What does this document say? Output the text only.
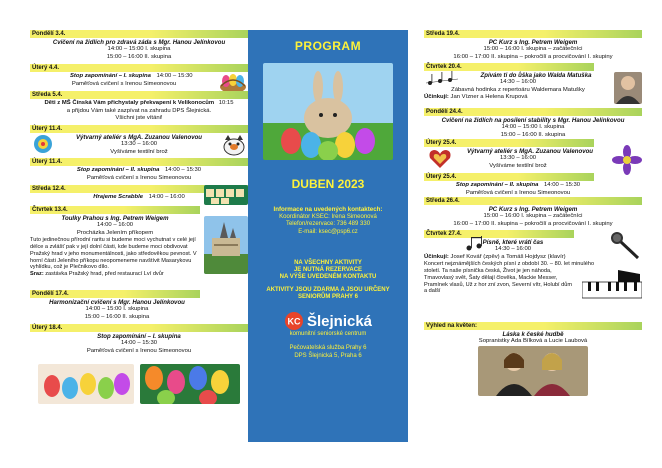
Pondělí 3.4.
Cvičení na židlích pro zdravá záda s Mgr. Hanou Jelínkovou
14:00 – 15:00 I. skupina
15:00 – 16:00 II. skupina
Úterý 4.4.
Stop zapomínání – I. skupina 14:00 – 15:30
Paměťová cvičení s Irenou Simeonovou
Středa 5.4.
Děti z MŠ Čínská Vám přichystaly překvapení k Velikonocům 10:15
a přijdou Vám také zazpívat na zahradu DPS Šlejnická.
Všichni jste vítáni!
Úterý 11.4.
Výtvarný ateliér s MgA. Zuzanou Valenovou
13:30 – 16:00
Vyšíváme textilní brož
Úterý 11.4.
Stop zapomínání – II. skupina 14:00 – 15:30
Paměťová cvičení s Irenou Simeonovou
Středa 12.4.
Hrajeme Scrabble 14:00 – 16:00
Čtvrtek 13.4.
Toulky Prahou s Ing. Petrem Weigem
14:00 – 16:00
Procházka Jelením příkopem
Tuto jedinečnou přírodní raritu si budeme moci vychutnat v celé její délce a zvlášť pak v její dolní části, kde budeme moci obdivovat Pražský hrad v jeho monumentálnosti, jako středověkou pevnost. V horní části Jeleního příkopu neopomeneme navštívit Masarykovu vyhlídku, což je Plečnikovo dílo.
Sraz: zastávka Pražský hrad, před restaurací Lví dvůr
Pondělí 17.4.
Harmonizační cvičení s Mgr. Hanou Jelínkovou
14:00 – 15:00 I. skupina
15:00 – 16:00 II. skupina
Úterý 18.4.
Stop zapomínání – I. skupina
14:00 – 15:30
Paměťová cvičení s Irenou Simeonovou
PROGRAM
DUBEN 2023
Informace na uvedených kontaktech:
Koordinátor KSEC: Irena Simeonová
Telefon/rezervace: 736 489 330
E-mail: ksec@psp6.cz
NA VŠECHNY AKTIVITY
JE NUTNÁ REZERVACE
NA VÝŠE UVEDENÉM KONTAKTU
AKTIVITY JSOU ZDARMA A JSOU URČENY
SENIORŮM PRAHY 6
KC Šlejnická
komunitní seniorské centrum
Pečovatelská služba Prahy 6
DPS Šlejnická 5, Praha 6
Středa 19.4.
PC Kurz s Ing. Petrem Weigem
15:00 – 16:00 I. skupina – začátečníci
16:00 – 17:00 II. skupina – pokročilí a procvičování I. skupiny
Čtvrtek 20.4.
Zpívám ti do ůška jako Walda Matuška
14:30 – 16:00
Zábavná hodinka z repertoáru Waldemara Matušky
Účinkují: Jan Vízner a Helena Krupová
Pondělí 24.4.
Cvičení na židlích na posílení stability s Mgr. Hanou Jelínkovou
14:00 – 15:00 I. skupina
15:00 – 16:00 II. skupina
Úterý 25.4.
Výtvarný ateliér s MgA. Zuzanou Valenovou
13:30 – 16:00
Vyšíváme textilní brož
Úterý 25.4.
Stop zapomínání – II. skupina 14:00 – 15:30
Paměťová cvičení s Irenou Simeonovou
Středa 26.4.
PC Kurz s Ing. Petrem Weigem
15:00 – 16:00 I. skupina – začátečníci
16:00 – 17:00 II. skupina – pokročilí a procvičování I. skupiny
Čtvrtek 27.4.
Písně, které vrátí čas
14:30 – 16:00
Účinkují: Josef Kovář (zpěv) a Tomáš Hojdysz (klavír)
Koncert nejznámějších českých písní z období 30. – 80. let minulého
století. Ta naše písnička česká, Život je jen náhoda, Tmavovlasý svět, Šaty dělají člověka, Mackie Messer, Pramínek vlasů, Už z hor zní zvon, Severní vítr, Holubí dům a další
Výhled na květen:
Láska k české hudbě
Sopranistky Ada Bílková a Lucie Laubová
